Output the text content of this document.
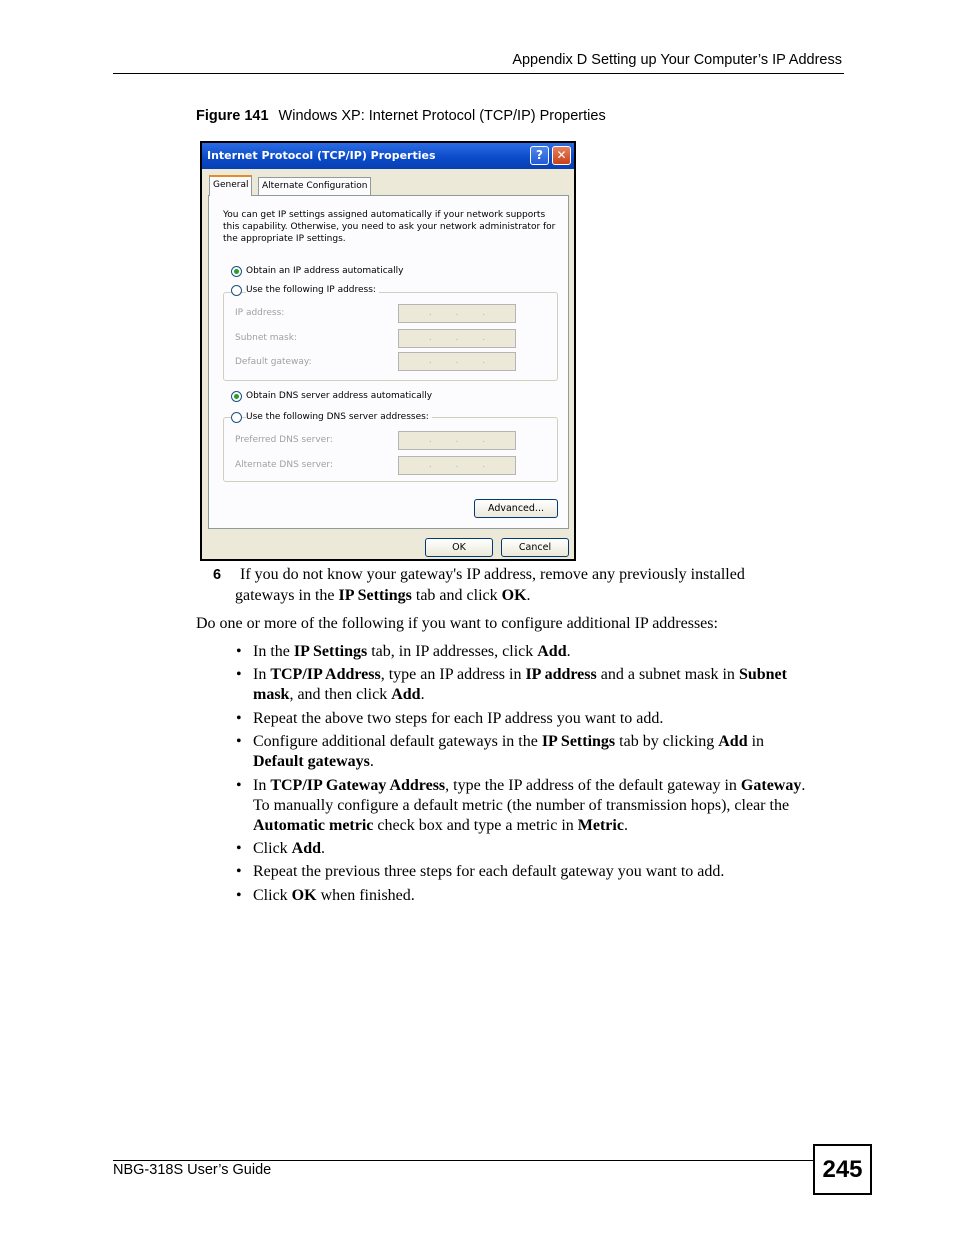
Appendix D Setting up Your Computer’s IP Address
Figure 141 Windows XP: Internet Protocol (TCP/IP) Properties
Internet Protocol (TCP/IP) Properties	?	✕
General	Alternate Configuration
You can get IP settings assigned automatically if your network supports
this capability. Otherwise, you need to ask your network administrator for
the appropriate IP settings.
Obtain an IP address automatically
Use the following IP address:
IP address:	.	.	.
Subnet mask:	.	.	.
Default gateway:	.	.	.
Obtain DNS server address automatically
Use the following DNS server addresses:
Preferred DNS server:	.	.	.
Alternate DNS server:	.	.	.
Advanced...
OK	Cancel
6 If you do not know your gateway's IP address, remove any previously installed
gateways in the IP Settings tab and click OK.
Do one or more of the following if you want to configure additional IP addresses:
• In the IP Settings tab, in IP addresses, click Add.
• In TCP/IP Address, type an IP address in IP address and a subnet mask in Subnet
mask, and then click Add.
• Repeat the above two steps for each IP address you want to add.
• Configure additional default gateways in the IP Settings tab by clicking Add in
Default gateways.
• In TCP/IP Gateway Address, type the IP address of the default gateway in Gateway.
To manually configure a default metric (the number of transmission hops), clear the
Automatic metric check box and type a metric in Metric.
• Click Add.
• Repeat the previous three steps for each default gateway you want to add.
• Click OK when finished.
NBG-318S User’s Guide	245
